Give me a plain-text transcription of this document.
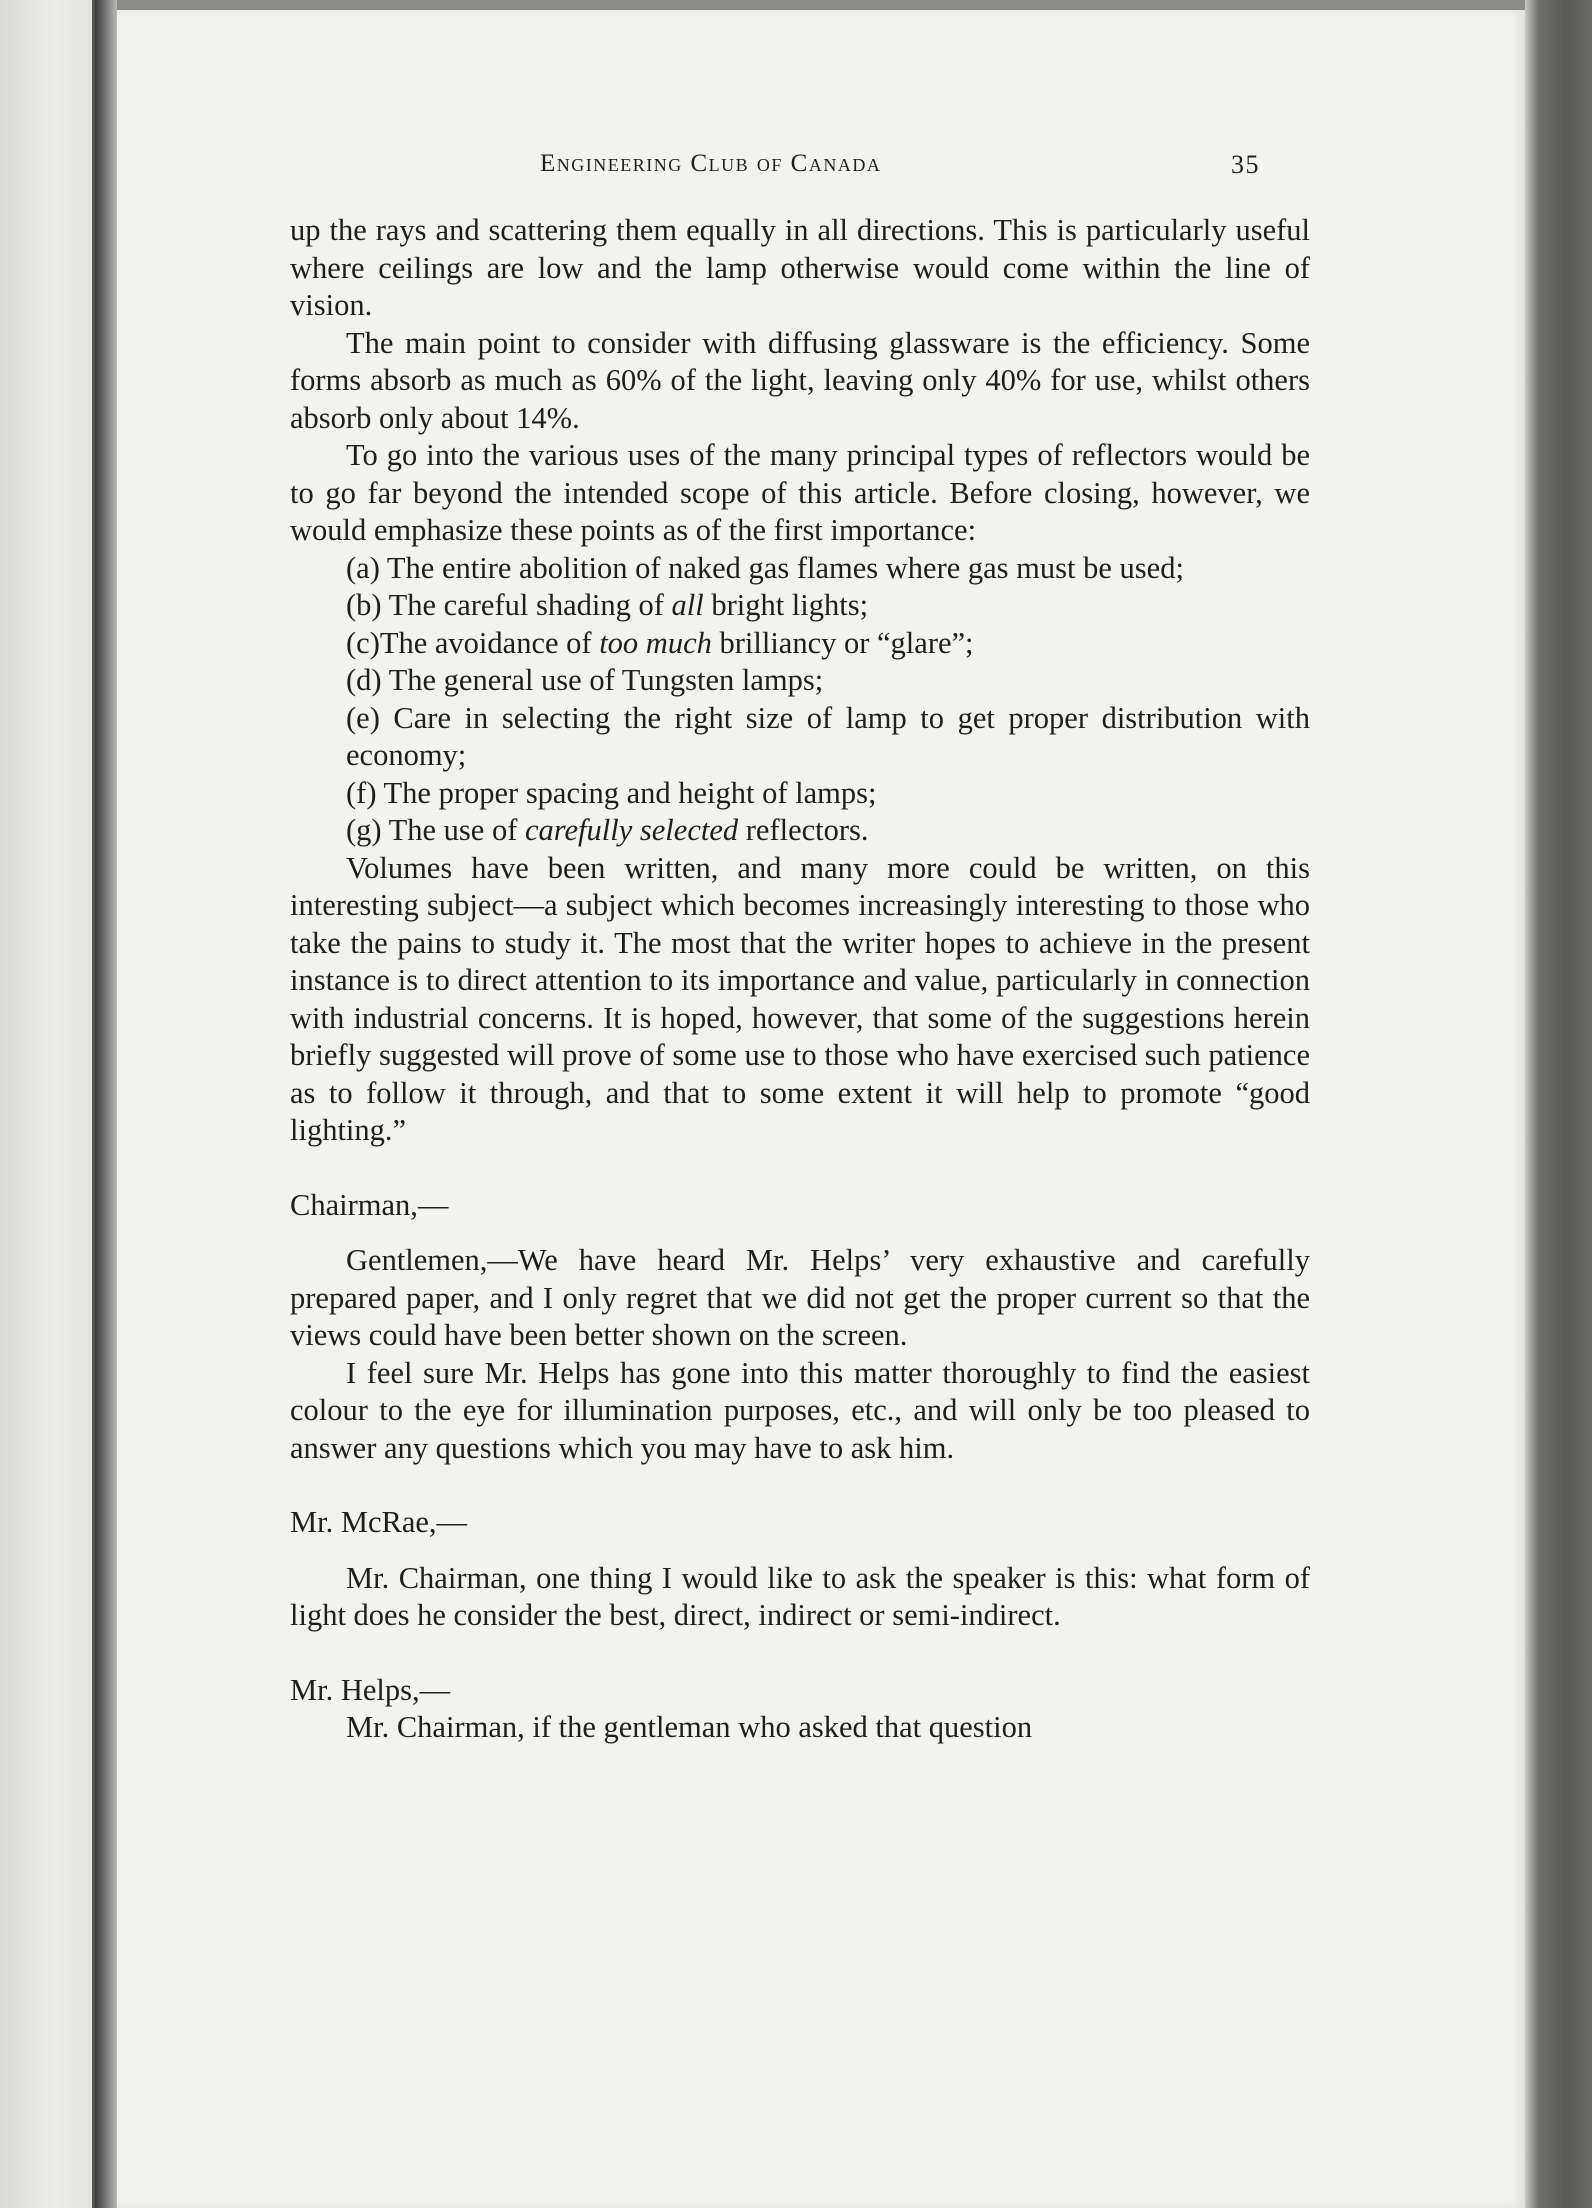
Engineering Club of Canada	35

up the rays and scattering them equally in all directions. This is particularly useful where ceilings are low and the lamp otherwise would come within the line of vision.

The main point to consider with diffusing glassware is the efficiency. Some forms absorb as much as 60% of the light, leaving only 40% for use, whilst others absorb only about 14%.

To go into the various uses of the many principal types of reflectors would be to go far beyond the intended scope of this article. Before closing, however, we would emphasize these points as of the first importance:

(a) The entire abolition of naked gas flames where gas must be used;

(b) The careful shading of all bright lights;

(c)The avoidance of too much brilliancy or “glare”;

(d) The general use of Tungsten lamps;

(e) Care in selecting the right size of lamp to get proper distribution with economy;

(f) The proper spacing and height of lamps;

(g) The use of carefully selected reflectors.

Volumes have been written, and many more could be written, on this interesting subject—a subject which becomes increasingly interesting to those who take the pains to study it. The most that the writer hopes to achieve in the present instance is to direct attention to its importance and value, particularly in connection with industrial concerns. It is hoped, however, that some of the suggestions herein briefly suggested will prove of some use to those who have exercised such patience as to follow it through, and that to some extent it will help to promote “good lighting.”

Chairman,—

Gentlemen,—We have heard Mr. Helps’ very exhaustive and carefully prepared paper, and I only regret that we did not get the proper current so that the views could have been better shown on the screen.

I feel sure Mr. Helps has gone into this matter thoroughly to find the easiest colour to the eye for illumination purposes, etc., and will only be too pleased to answer any questions which you may have to ask him.

Mr. McRae,—

Mr. Chairman, one thing I would like to ask the speaker is this: what form of light does he consider the best, direct, indirect or semi-indirect.

Mr. Helps,—

Mr. Chairman, if the gentleman who asked that question
